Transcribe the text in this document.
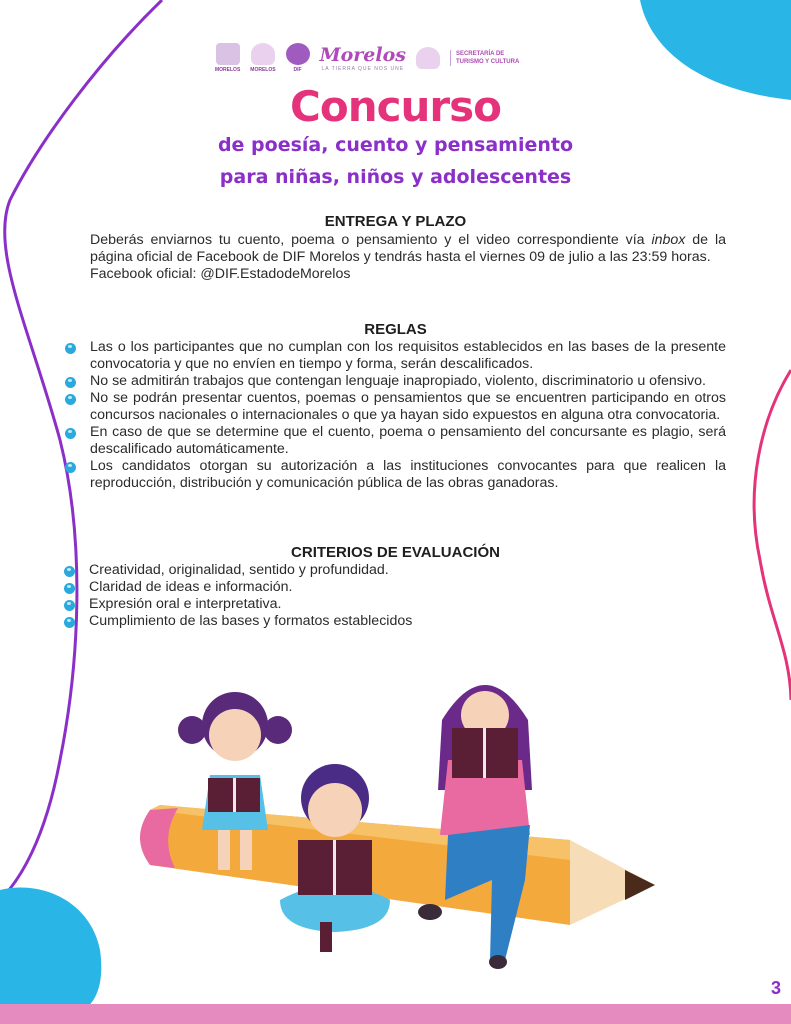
MORELOS MORELOS	DIF
Morelos
LA TIERRA QUE NOS UNE
SECRETARÍA DE
TURISMO Y CULTURA
Concurso
de poesía, cuento y pensamiento
para niñas, niños y adolescentes
ENTREGA Y PLAZO
Deberás enviarnos tu cuento, poema o pensamiento y el video correspondiente vía inbox de la página oficial de Facebook de DIF Morelos y tendrás hasta el viernes 09 de julio a las 23:59 horas.
Facebook oficial: @DIF.EstadodeMorelos
REGLAS
Las o los participantes que no cumplan con los requisitos establecidos en las bases de la presente convocatoria y que no envíen en tiempo y forma, serán descalificados.
No se admitirán trabajos que contengan lenguaje inapropiado, violento, discriminatorio u ofensivo.
No se podrán presentar cuentos, poemas o pensamientos que se encuentren participando en otros concursos nacionales o internacionales o que ya hayan sido expuestos en alguna otra convocatoria.
En caso de que se determine que el cuento, poema o pensamiento del concursante es plagio, será descalificado automáticamente.
Los candidatos otorgan su autorización a las instituciones convocantes para que realicen la reproducción, distribución y comunicación pública de las obras ganadoras.
CRITERIOS DE EVALUACIÓN
Creatividad, originalidad, sentido y profundidad.
Claridad de ideas e información.
Expresión oral e interpretativa.
Cumplimiento de las bases y formatos establecidos
3
